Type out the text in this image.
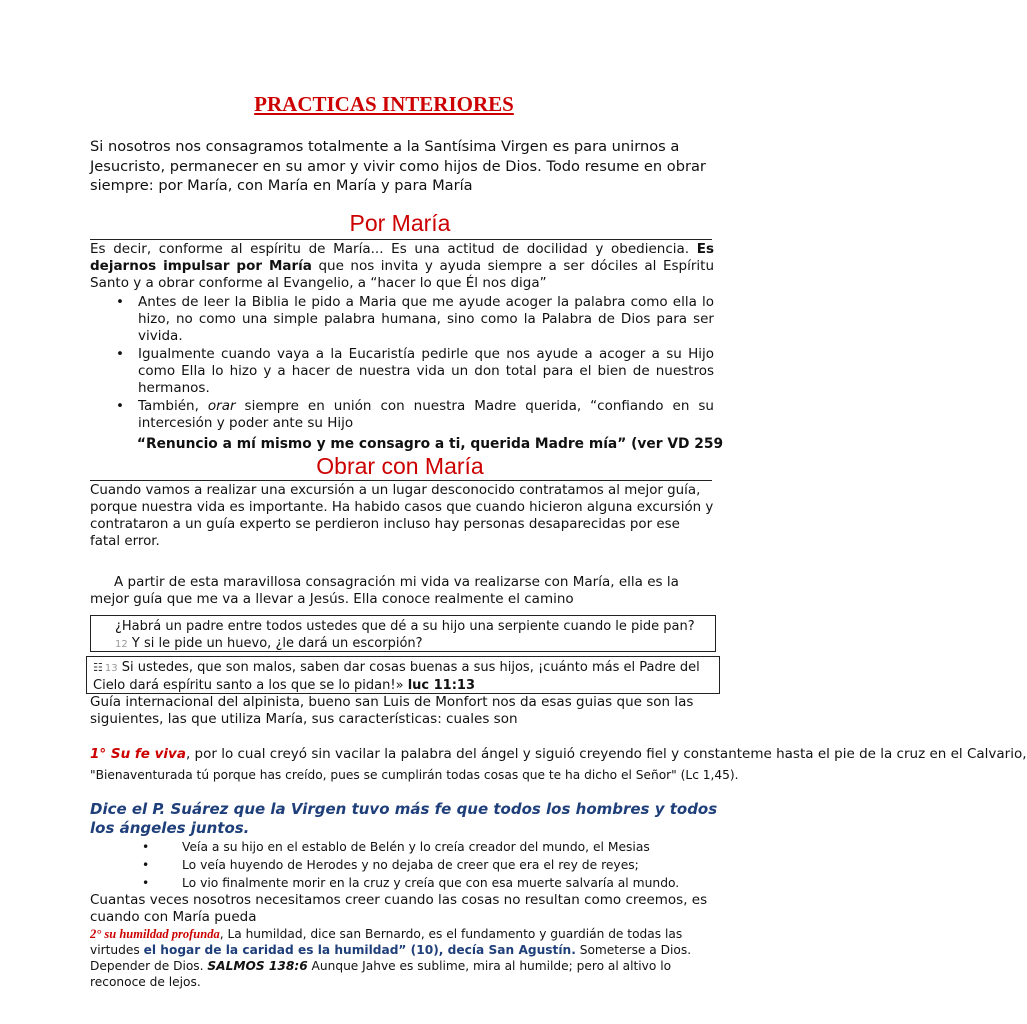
PRACTICAS INTERIORES
Si nosotros nos consagramos totalmente a la Santísima Virgen es para unirnos a Jesucristo, permanecer en su amor y vivir como hijos de Dios. Todo resume en obrar siempre: por María, con María en María y para María
Por María
Es decir, conforme al espíritu de María... Es una actitud de docilidad y obediencia. Es dejarnos impulsar por María que nos invita y ayuda siempre a ser dóciles al Espíritu Santo y a obrar conforme al Evangelio, a “hacer lo que Él nos diga”
• Antes de leer la Biblia le pido a Maria que me ayude acoger la palabra como ella lo hizo, no como una simple palabra humana, sino como la Palabra de Dios para ser vivida.
• Igualmente cuando vaya a la Eucaristía pedirle que nos ayude a acoger a su Hijo como Ella lo hizo y a hacer de nuestra vida un don total para el bien de nuestros hermanos.
• También, orar siempre en unión con nuestra Madre querida, “confiando en su intercesión y poder ante su Hijo
“Renuncio a mí mismo y me consagro a ti, querida Madre mía” (ver VD 259
Obrar con María
Cuando vamos a realizar una excursión a un lugar desconocido contratamos al mejor guía, porque nuestra vida es importante. Ha habido casos que cuando hicieron alguna excursión y contrataron a un guía experto se perdieron incluso hay personas desaparecidas por ese fatal error.
A partir de esta maravillosa consagración mi vida va realizarse con María, ella es la mejor guía que me va a llevar a Jesús. Ella conoce realmente el camino
¿Habrá un padre entre todos ustedes que dé a su hijo una serpiente cuando le pide pan? 12 Y si le pide un huevo, ¿le dará un escorpión?
☷ 13 Si ustedes, que son malos, saben dar cosas buenas a sus hijos, ¡cuánto más el Padre del Cielo dará espíritu santo a los que se lo pidan!» luc 11:13
Guía internacional del alpinista, bueno san Luis de Monfort nos da esas guias que son las siguientes, las que utiliza María, sus características: cuales son
1° Su fe viva, por lo cual creyó sin vacilar la palabra del ángel y siguió creyendo fiel y constanteme hasta el pie de la cruz en el Calvario,
"Bienaventurada tú porque has creído, pues se cumplirán todas cosas que te ha dicho el Señor" (Lc 1,45).
Dice el P. Suárez que la Virgen tuvo más fe que todos los hombres y todos los ángeles juntos.
• Veía a su hijo en el establo de Belén y lo creía creador del mundo, el Mesias
• Lo veía huyendo de Herodes y no dejaba de creer que era el rey de reyes;
• Lo vio finalmente morir en la cruz y creía que con esa muerte salvaría al mundo.
Cuantas veces nosotros necesitamos creer cuando las cosas no resultan como creemos, es cuando con María pueda
2° su humildad profunda, La humildad, dice san Bernardo, es el fundamento y guardián de todas las virtudes el hogar de la caridad es la humildad” (10), decía San Agustín. Someterse a Dios. Depender de Dios. SALMOS 138:6 Aunque Jahve es sublime, mira al humilde; pero al altivo lo reconoce de lejos.
